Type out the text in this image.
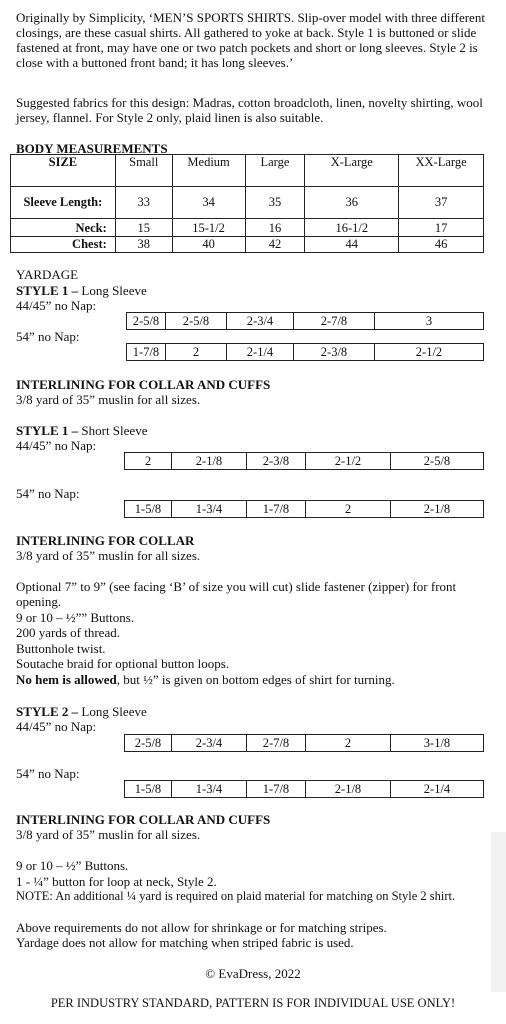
Originally by Simplicity, ‘MEN’S SPORTS SHIRTS. Slip-over model with three different closings, are these casual shirts. All gathered to yoke at back. Style 1 is buttoned or slide fastened at front, may have one or two patch pockets and short or long sleeves. Style 2 is close with a buttoned front band; it has long sleeves.’

Suggested fabrics for this design: Madras, cotton broadcloth, linen, novelty shirting, wool jersey, flannel. For Style 2 only, plaid linen is also suitable.

BODY MEASUREMENTS
SIZE	Small	Medium	Large	X-Large	XX-Large
Sleeve Length:	33	34	35	36	37
Neck:	15	15-1/2	16	16-1/2	17
Chest:	38	40	42	44	46
YARDAGE
STYLE 1 – Long Sleeve
44/45” no Nap:
2-5/8	2-5/8	2-3/4	2-7/8	3
54” no Nap:
1-7/8	2	2-1/4	2-3/8	2-1/2
INTERLINING FOR COLLAR AND CUFFS
3/8 yard of 35” muslin for all sizes.
STYLE 1 – Short Sleeve
44/45” no Nap:
2	2-1/8	2-3/8	2-1/2	2-5/8
54” no Nap:
1-5/8	1-3/4	1-7/8	2	2-1/8
INTERLINING FOR COLLAR
3/8 yard of 35” muslin for all sizes.

Optional 7” to 9” (see facing ‘B’ of size you will cut) slide fastener (zipper) for front opening.

9 or 10 – ½”” Buttons.
200 yards of thread.
Buttonhole twist.
Soutache braid for optional button loops.
No hem is allowed, but ½” is given on bottom edges of shirt for turning.
STYLE 2 – Long Sleeve
44/45” no Nap:
2-5/8	2-3/4	2-7/8	2	3-1/8
54” no Nap:
1-5/8	1-3/4	1-7/8	2-1/8	2-1/4
INTERLINING FOR COLLAR AND CUFFS
3/8 yard of 35” muslin for all sizes.
9 or 10 – ½” Buttons.
1 - ¼” button for loop at neck, Style 2.
NOTE: An additional ¼ yard is required on plaid material for matching on Style 2 shirt.
Above requirements do not allow for shrinkage or for matching stripes.
Yardage does not allow for matching when striped fabric is used.
© EvaDress, 2022
PER INDUSTRY STANDARD, PATTERN IS FOR INDIVIDUAL USE ONLY!
